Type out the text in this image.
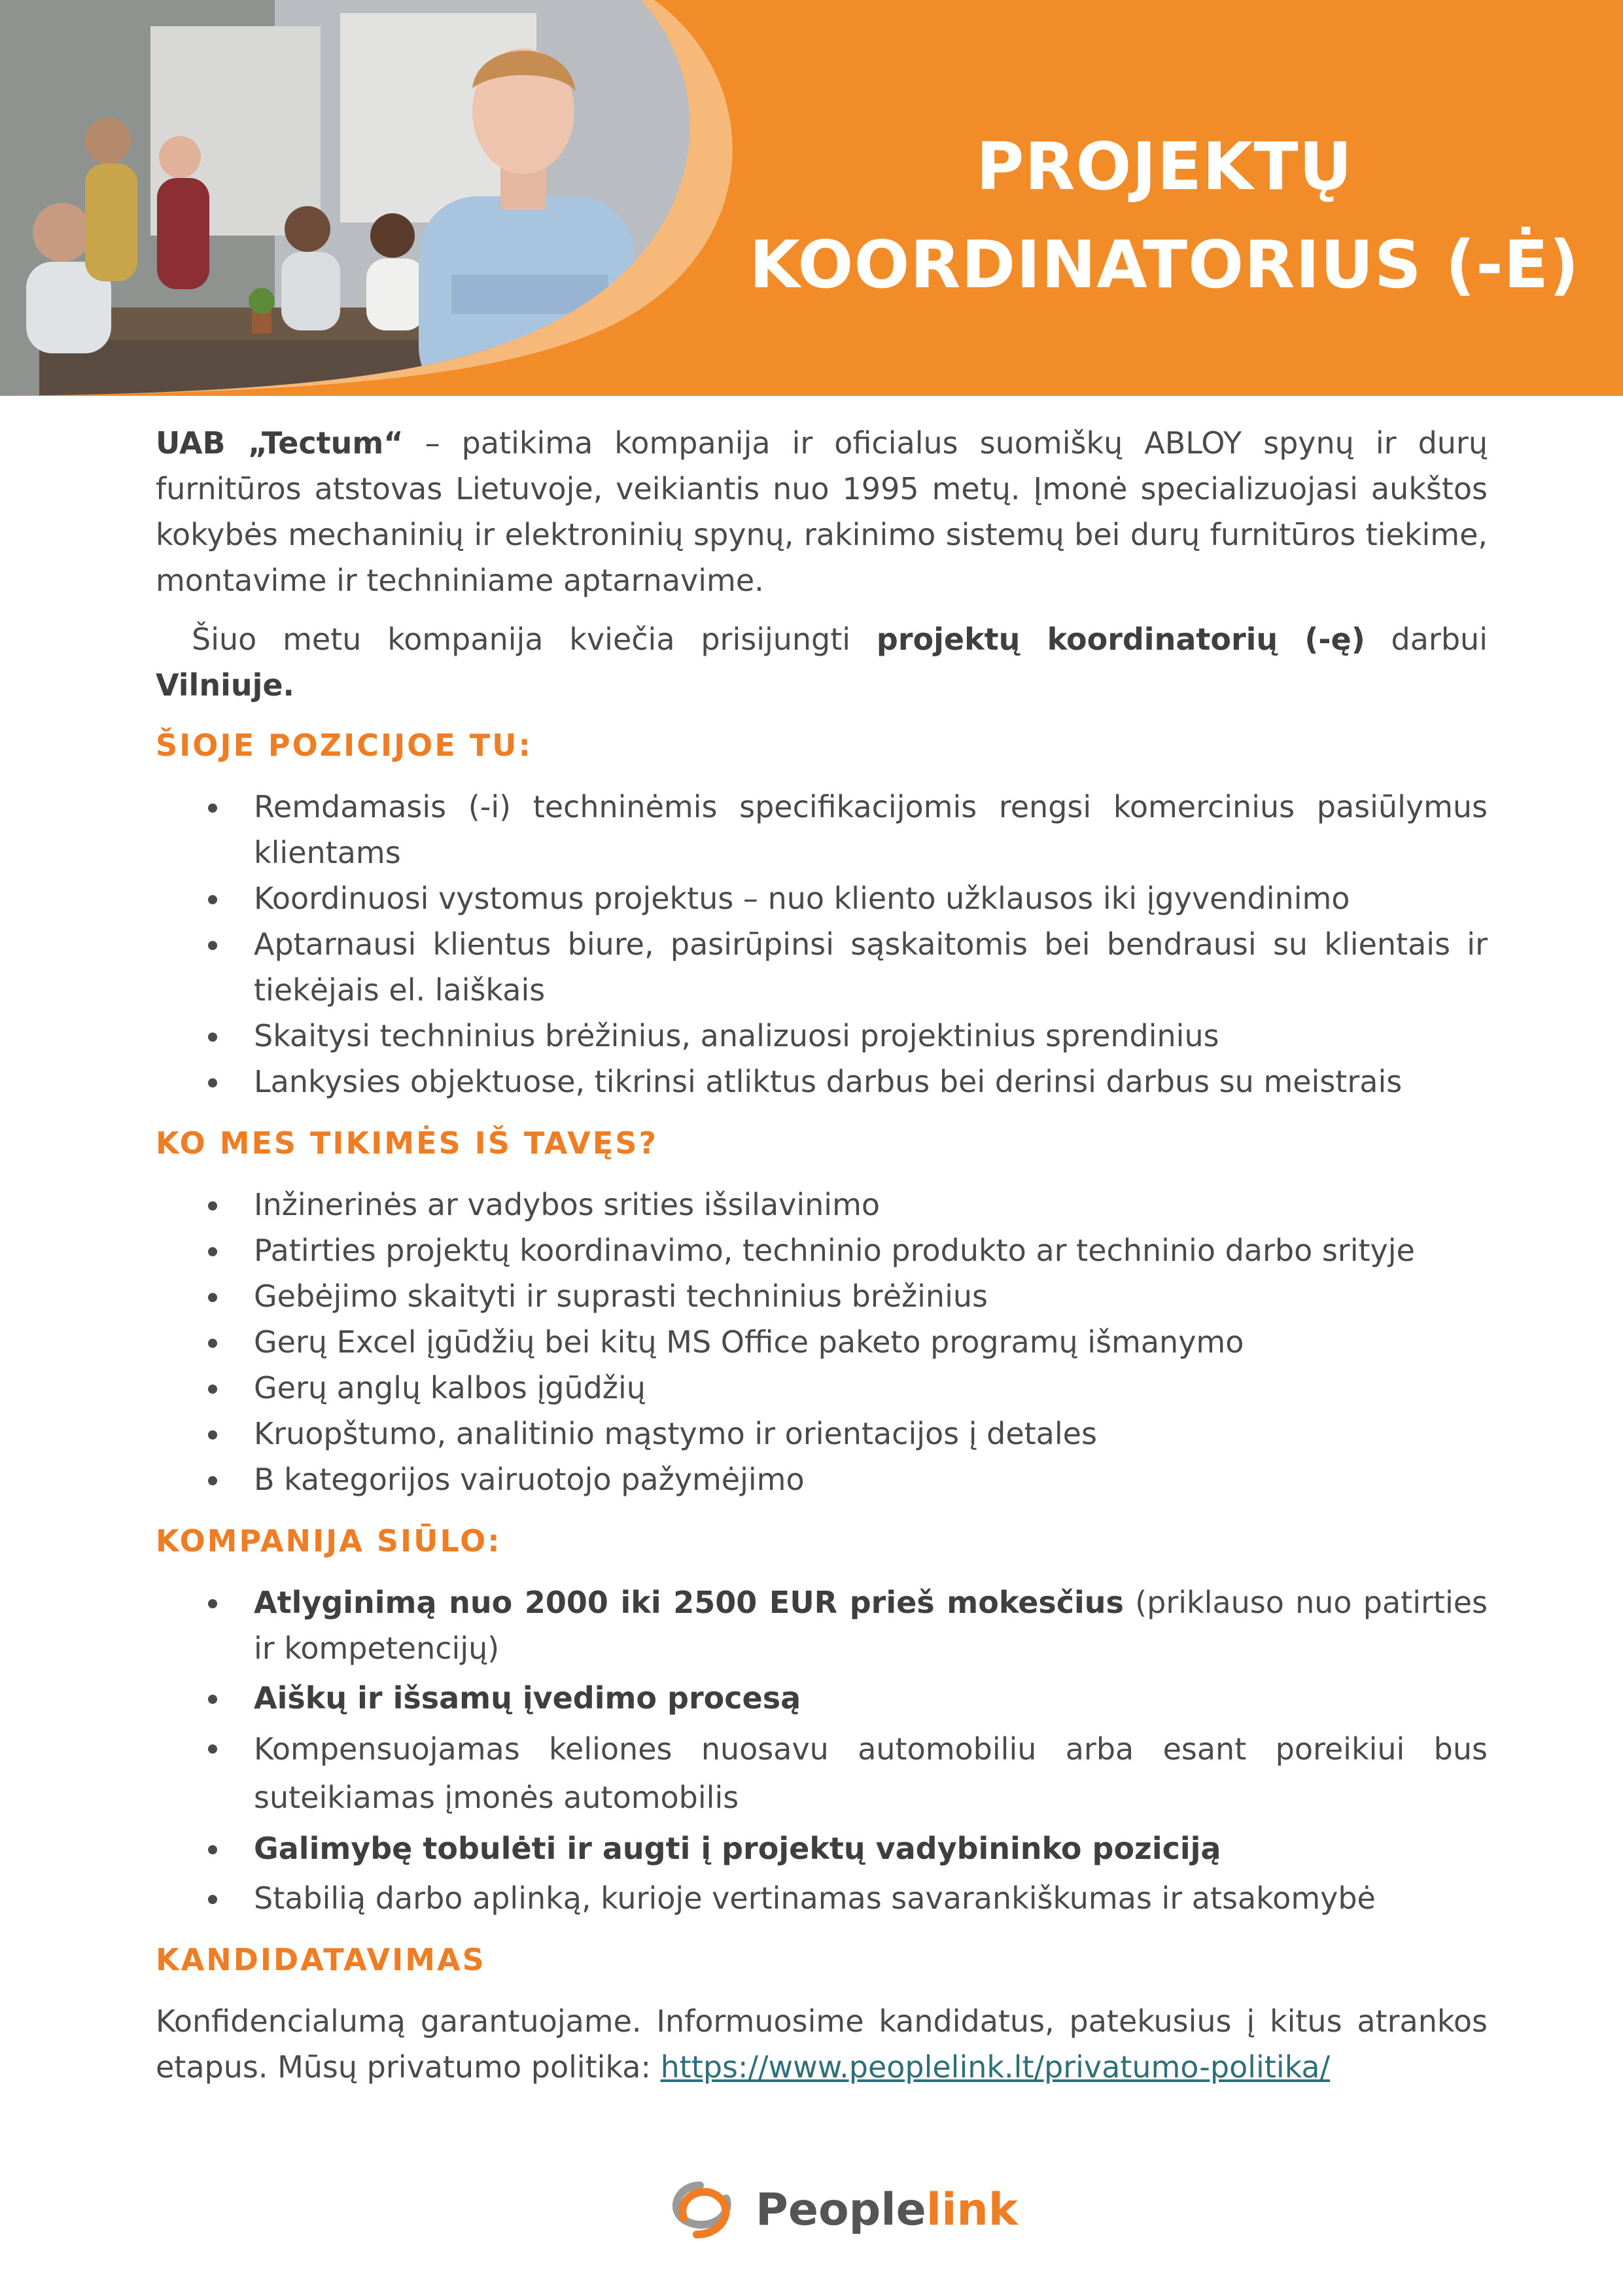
PROJEKTŲ
KOORDINATORIUS (-Ė)

UAB „Tectum“ – patikima kompanija ir oficialus suomiškų ABLOY spynų ir durų furnitūros atstovas Lietuvoje, veikiantis nuo 1995 metų. Įmonė specializuojasi aukštos kokybės mechaninių ir elektroninių spynų, rakinimo sistemų bei durų furnitūros tiekime, montavime ir techniniame aptarnavime.

Šiuo metu kompanija kviečia prisijungti projektų koordinatorių (-ę) darbui Vilniuje.

ŠIOJE POZICIJOE TU:
Remdamasis (-i) techninėmis specifikacijomis rengsi komercinius pasiūlymus klientams
Koordinuosi vystomus projektus – nuo kliento užklausos iki įgyvendinimo
Aptarnausi klientus biure, pasirūpinsi sąskaitomis bei bendrausi su klientais ir tiekėjais el. laiškais
Skaitysi techninius brėžinius, analizuosi projektinius sprendinius
Lankysies objektuose, tikrinsi atliktus darbus bei derinsi darbus su meistrais
KO MES TIKIMĖS IŠ TAVĘS?
Inžinerinės ar vadybos srities išsilavinimo
Patirties projektų koordinavimo, techninio produkto ar techninio darbo srityje
Gebėjimo skaityti ir suprasti techninius brėžinius
Gerų Excel įgūdžių bei kitų MS Office paketo programų išmanymo
Gerų anglų kalbos įgūdžių
Kruopštumo, analitinio mąstymo ir orientacijos į detales
B kategorijos vairuotojo pažymėjimo
KOMPANIJA SIŪLO:
Atlyginimą nuo 2000 iki 2500 EUR prieš mokesčius (priklauso nuo patirties ir kompetencijų)
Aiškų ir išsamų įvedimo procesą
Kompensuojamas keliones nuosavu automobiliu arba esant poreikiui bus suteikiamas įmonės automobilis
Galimybę tobulėti ir augti į projektų vadybininko poziciją
Stabilią darbo aplinką, kurioje vertinamas savarankiškumas ir atsakomybė
KANDIDATAVIMAS

Konfidencialumą garantuojame. Informuosime kandidatus, patekusius į kitus atrankos etapus. Mūsų privatumo politika: https://www.peoplelink.lt/privatumo-politika/

Peoplelink
